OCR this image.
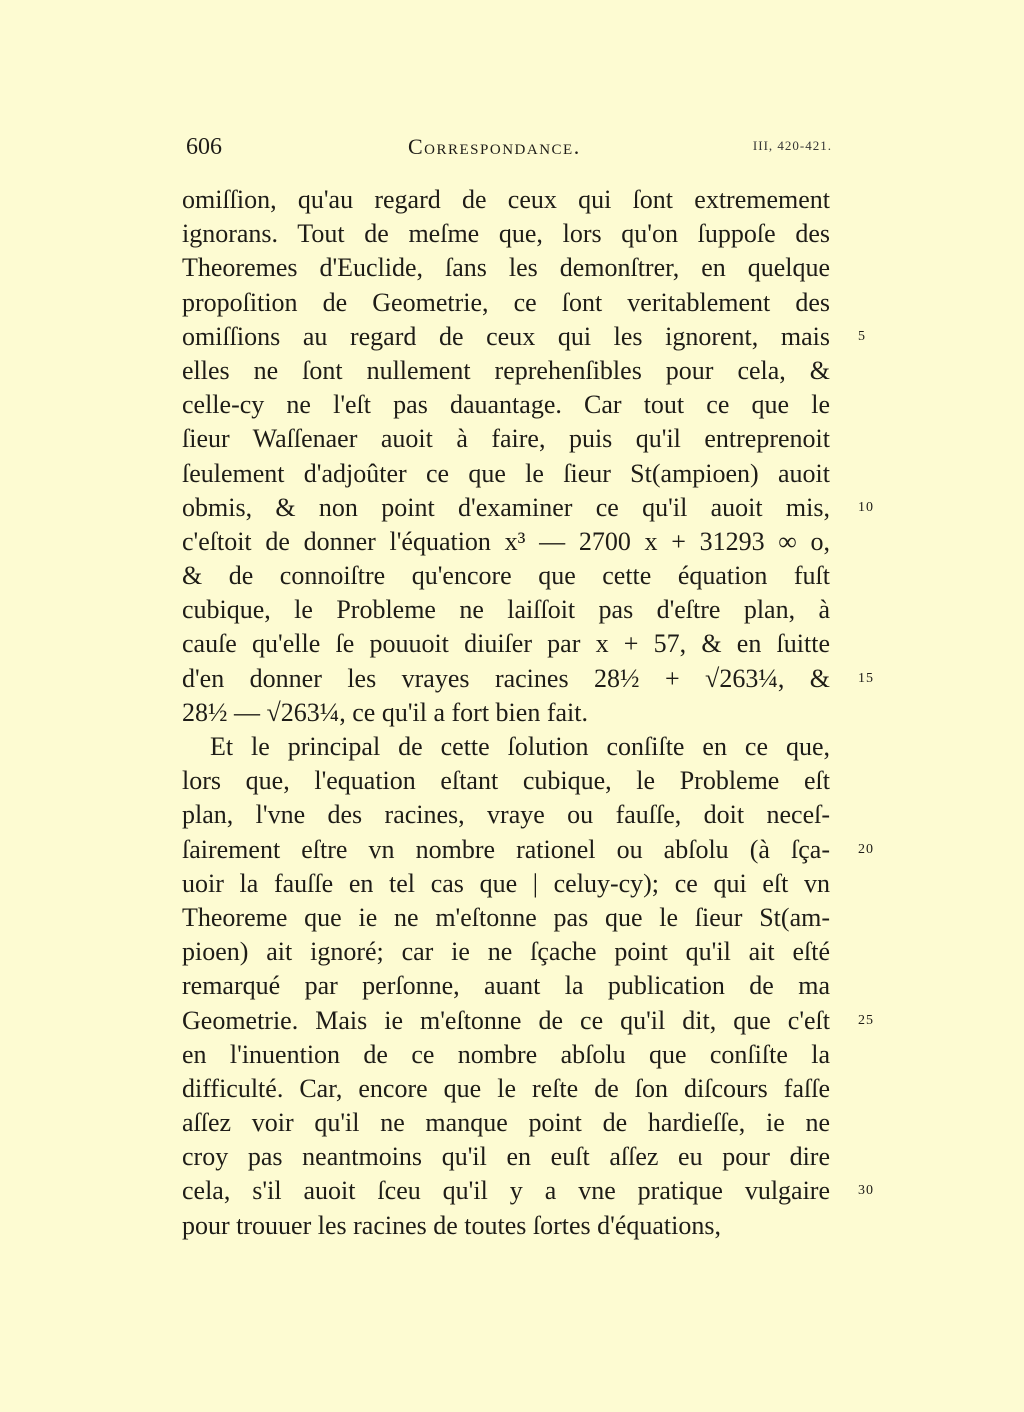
606	Correspondance.	III, 420-421.
omiſſion, qu'au regard de ceux qui ſont extremement
ignorans. Tout de meſme que, lors qu'on ſuppoſe des
Theoremes d'Euclide, ſans les demonſtrer, en quelque
propoſition de Geometrie, ce ſont veritablement des
omiſſions au regard de ceux qui les ignorent, mais 5
elles ne ſont nullement reprehenſibles pour cela, &
celle-cy ne l'eſt pas dauantage. Car tout ce que le
ſieur Waſſenaer auoit à faire, puis qu'il entreprenoit
ſeulement d'adjoûter ce que le ſieur St(ampioen) auoit
obmis, & non point d'examiner ce qu'il auoit mis, 10
c'eſtoit de donner l'équation x³ — 2700 x + 31293 ∞ o,
& de connoiſtre qu'encore que cette équation fuſt
cubique, le Probleme ne laiſſoit pas d'eſtre plan, à
cauſe qu'elle ſe pouuoit diuiſer par x + 57, & en ſuitte
d'en donner les vrayes racines 28½ + √263¼, & 15
28½ — √263¼, ce qu'il a fort bien fait.
Et le principal de cette ſolution conſiſte en ce que,
lors que, l'equation eſtant cubique, le Probleme eſt
plan, l'vne des racines, vraye ou fauſſe, doit neceſ-
ſairement eſtre vn nombre rationel ou abſolu (à ſça- 20
uoir la fauſſe en tel cas que | celuy-cy); ce qui eſt vn
Theoreme que ie ne m'eſtonne pas que le ſieur St(am-
pioen) ait ignoré; car ie ne ſçache point qu'il ait eſté
remarqué par perſonne, auant la publication de ma
Geometrie. Mais ie m'eſtonne de ce qu'il dit, que c'eſt 25
en l'inuention de ce nombre abſolu que conſiſte la
difficulté. Car, encore que le reſte de ſon diſcours faſſe
aſſez voir qu'il ne manque point de hardieſſe, ie ne
croy pas neantmoins qu'il en euſt aſſez eu pour dire
cela, s'il auoit ſceu qu'il y a vne pratique vulgaire 30
pour trouuer les racines de toutes ſortes d'équations,
